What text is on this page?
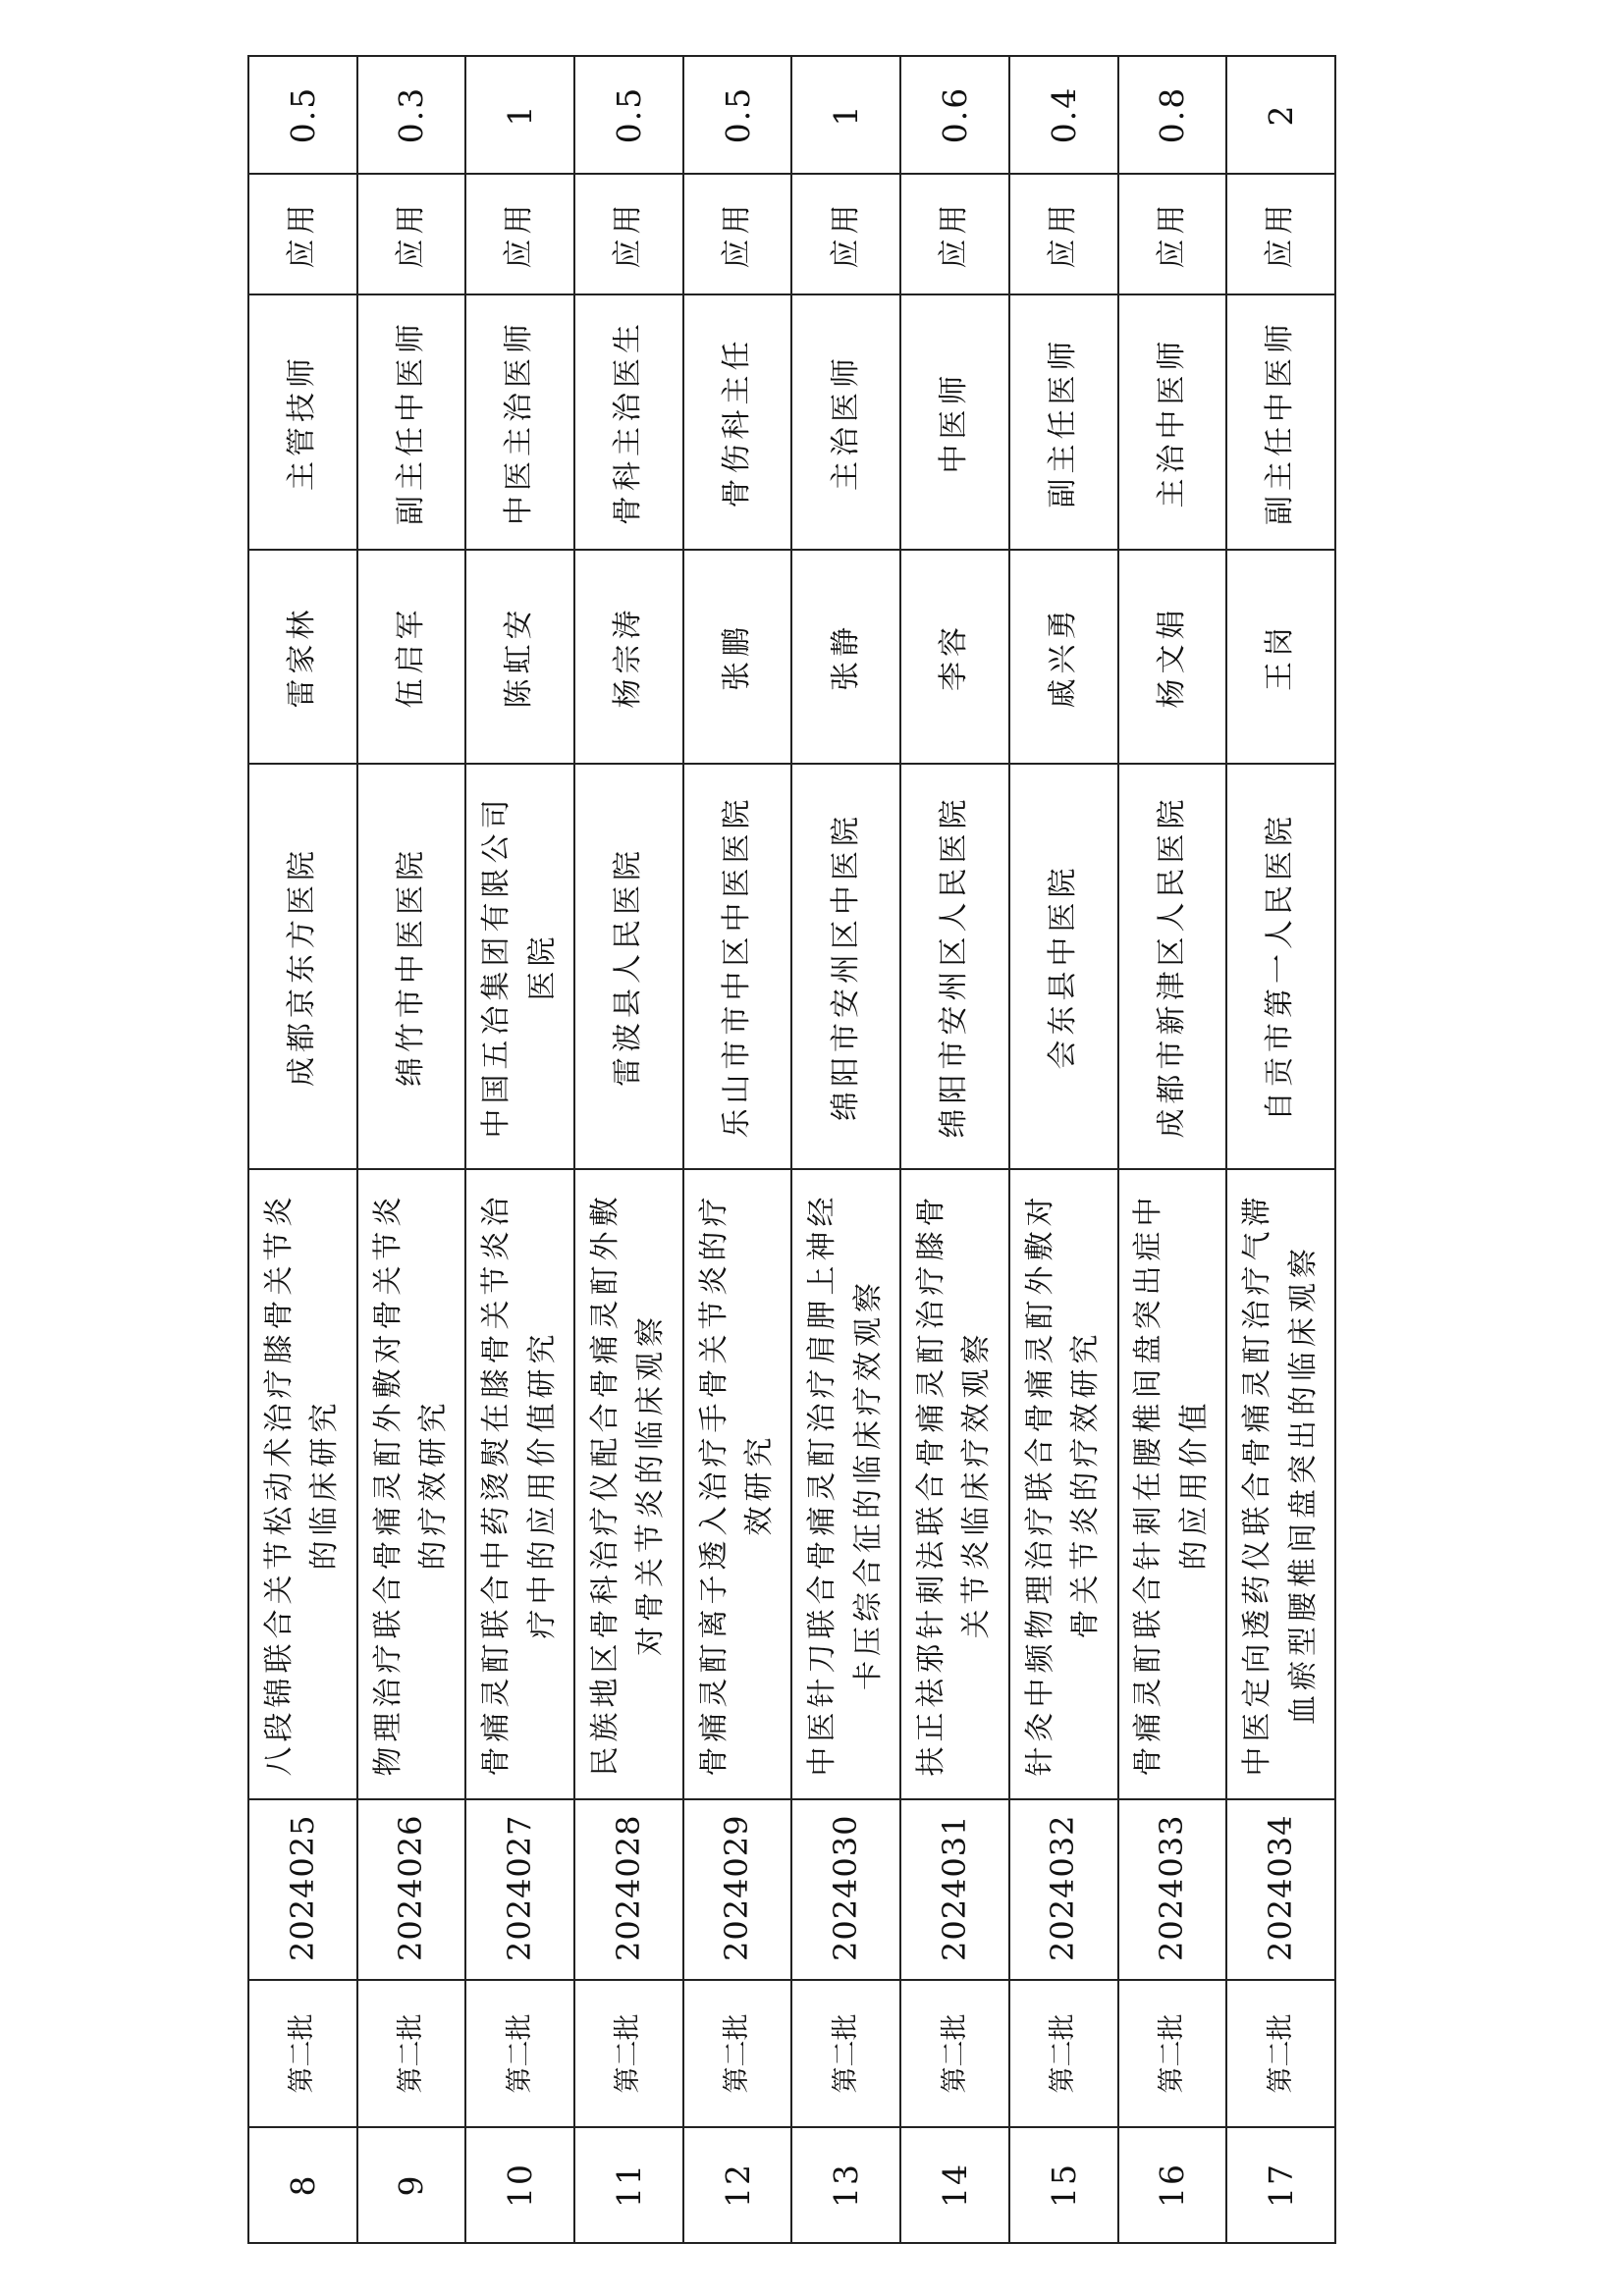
8	第二批	2024025	八段锦联合关节松动术治疗膝骨关节炎的临床研究	成都京东方医院	雷家林	主管技师	应用	0.5
9	第二批	2024026	物理治疗联合骨痛灵酊外敷对骨关节炎的疗效研究	绵竹市中医医院	伍启军	副主任中医师	应用	0.3
10	第二批	2024027	骨痛灵酊联合中药烫熨在膝骨关节炎治疗中的应用价值研究	中国五冶集团有限公司医院	陈虹安	中医主治医师	应用	1
11	第二批	2024028	民族地区骨科治疗仪配合骨痛灵酊外敷对骨关节炎的临床观察	雷波县人民医院	杨宗涛	骨科主治医生	应用	0.5
12	第二批	2024029	骨痛灵酊离子透入治疗手骨关节炎的疗效研究	乐山市市中区中医医院	张鹏	骨伤科主任	应用	0.5
13	第二批	2024030	中医针刀联合骨痛灵酊治疗肩胛上神经卡压综合征的临床疗效观察	绵阳市安州区中医院	张静	主治医师	应用	1
14	第二批	2024031	扶正祛邪针刺法联合骨痛灵酊治疗膝骨关节炎临床疗效观察	绵阳市安州区人民医院	李容	中医师	应用	0.6
15	第二批	2024032	针灸中频物理治疗联合骨痛灵酊外敷对骨关节炎的疗效研究	会东县中医院	戚兴勇	副主任医师	应用	0.4
16	第二批	2024033	骨痛灵酊联合针刺在腰椎间盘突出症中的应用价值	成都市新津区人民医院	杨文娟	主治中医师	应用	0.8
17	第二批	2024034	中医定向透药仪联合骨痛灵酊治疗气滞血瘀型腰椎间盘突出的临床观察	自贡市第一人民医院	王岗	副主任中医师	应用	2
